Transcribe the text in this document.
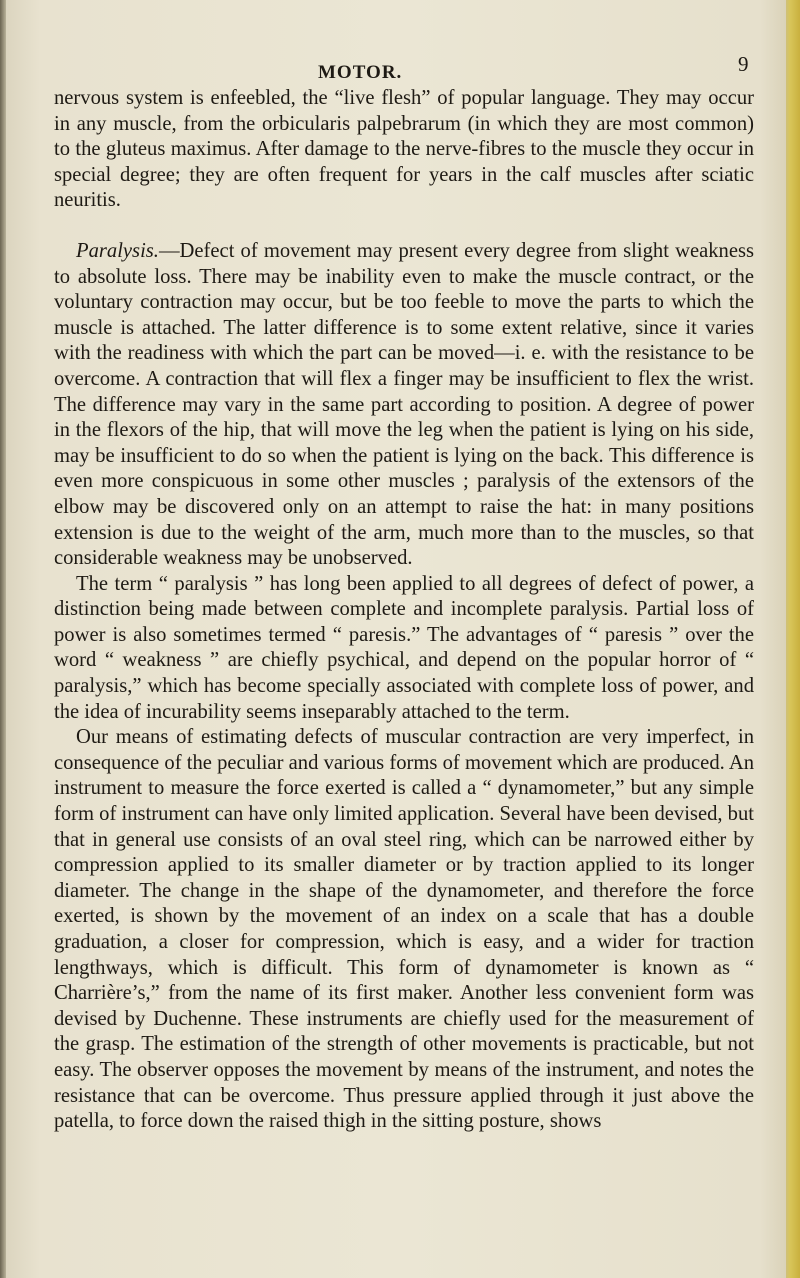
MOTOR.	9

nervous system is enfeebled, the “live flesh” of popular language. They may occur in any muscle, from the orbicularis palpebrarum (in which they are most common) to the gluteus maximus. After damage to the nerve-fibres to the muscle they occur in special degree; they are often frequent for years in the calf muscles after sciatic neuritis.

Paralysis.—Defect of movement may present every degree from slight weakness to absolute loss. There may be inability even to make the muscle contract, or the voluntary contraction may occur, but be too feeble to move the parts to which the muscle is attached. The latter difference is to some extent relative, since it varies with the readiness with which the part can be moved—i. e. with the resistance to be overcome. A contraction that will flex a finger may be insufficient to flex the wrist. The difference may vary in the same part according to position. A degree of power in the flexors of the hip, that will move the leg when the patient is lying on his side, may be insufficient to do so when the patient is lying on the back. This difference is even more conspicuous in some other muscles ; paralysis of the extensors of the elbow may be discovered only on an attempt to raise the hat: in many positions extension is due to the weight of the arm, much more than to the muscles, so that considerable weakness may be unobserved.

The term “ paralysis ” has long been applied to all degrees of defect of power, a distinction being made between complete and incomplete paralysis. Partial loss of power is also sometimes termed “ paresis.” The advantages of “ paresis ” over the word “ weakness ” are chiefly psychical, and depend on the popular horror of “ paralysis,” which has become specially associated with complete loss of power, and the idea of incurability seems inseparably attached to the term.

Our means of estimating defects of muscular contraction are very imperfect, in consequence of the peculiar and various forms of movement which are produced. An instrument to measure the force exerted is called a “ dynamometer,” but any simple form of instrument can have only limited application. Several have been devised, but that in general use consists of an oval steel ring, which can be narrowed either by compression applied to its smaller diameter or by traction applied to its longer diameter. The change in the shape of the dynamometer, and therefore the force exerted, is shown by the movement of an index on a scale that has a double graduation, a closer for compression, which is easy, and a wider for traction lengthways, which is difficult. This form of dynamometer is known as “ Charrière’s,” from the name of its first maker. Another less convenient form was devised by Duchenne. These instruments are chiefly used for the measurement of the grasp. The estimation of the strength of other movements is practicable, but not easy. The observer opposes the movement by means of the instrument, and notes the resistance that can be overcome. Thus pressure applied through it just above the patella, to force down the raised thigh in the sitting posture, shows
